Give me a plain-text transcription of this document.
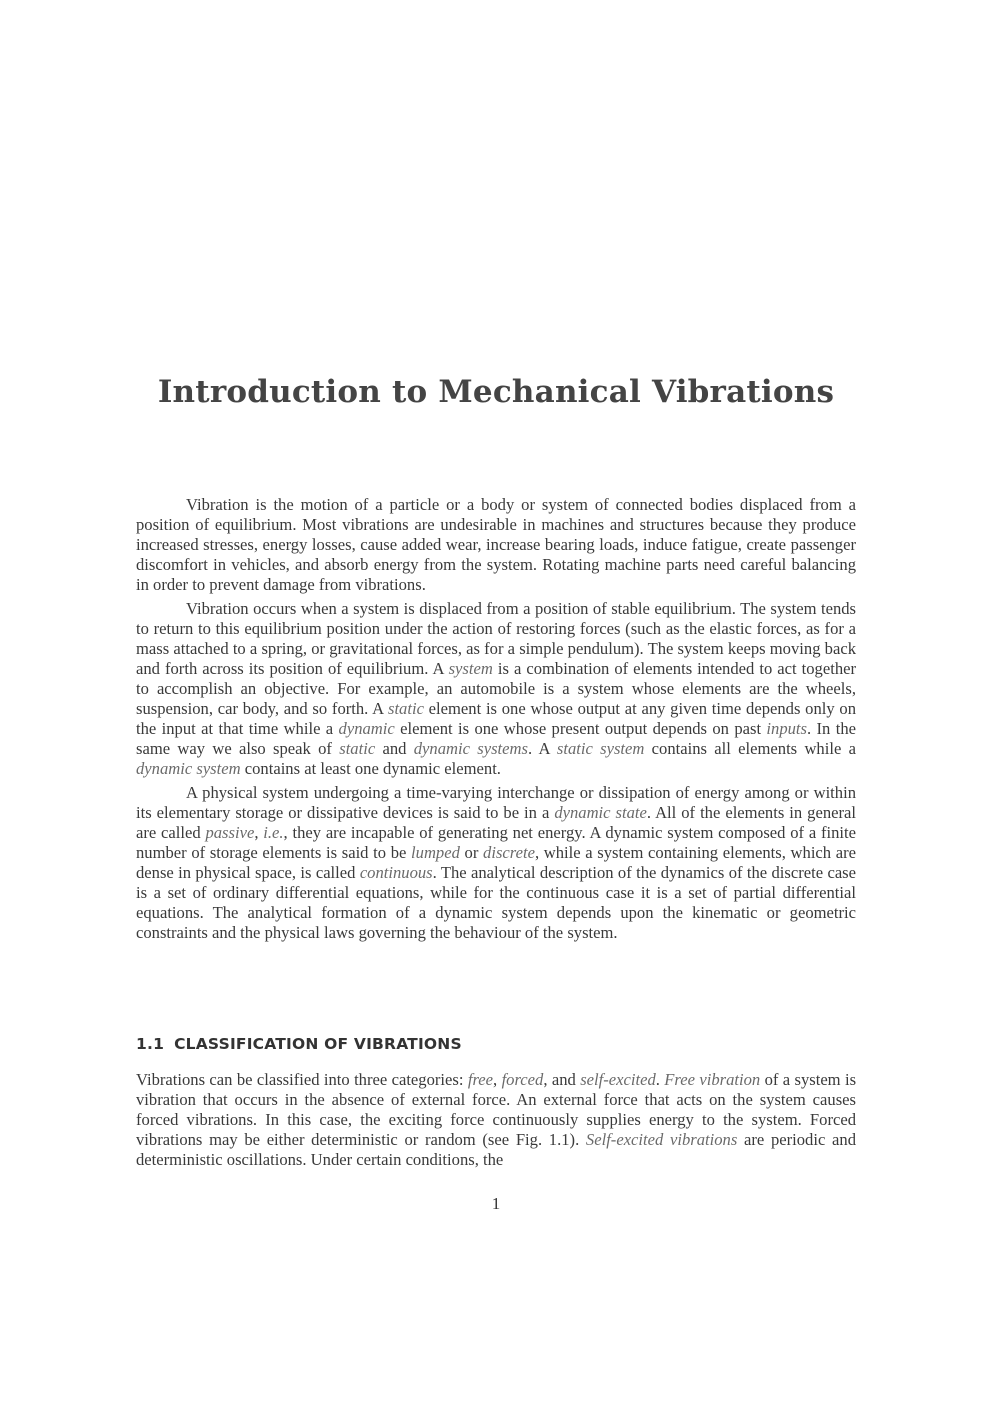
Introduction to Mechanical Vibrations

Vibration is the motion of a particle or a body or system of connected bodies displaced from a position of equilibrium. Most vibrations are undesirable in machines and structures because they produce increased stresses, energy losses, cause added wear, increase bearing loads, induce fatigue, create passenger discomfort in vehicles, and absorb energy from the system. Rotating machine parts need careful balancing in order to prevent damage from vibrations.

Vibration occurs when a system is displaced from a position of stable equilibrium. The system tends to return to this equilibrium position under the action of restoring forces (such as the elastic forces, as for a mass attached to a spring, or gravitational forces, as for a simple pendulum). The system keeps moving back and forth across its position of equilibrium. A system is a combination of elements intended to act together to accomplish an objective. For example, an automobile is a system whose elements are the wheels, suspension, car body, and so forth. A static element is one whose output at any given time depends only on the input at that time while a dynamic element is one whose present output depends on past inputs. In the same way we also speak of static and dynamic systems. A static system contains all elements while a dynamic system contains at least one dynamic element.

A physical system undergoing a time-varying interchange or dissipation of energy among or within its elementary storage or dissipative devices is said to be in a dynamic state. All of the elements in general are called passive, i.e., they are incapable of generating net energy. A dynamic system composed of a finite number of storage elements is said to be lumped or discrete, while a system containing elements, which are dense in physical space, is called continuous. The analytical description of the dynamics of the discrete case is a set of ordinary differential equations, while for the continuous case it is a set of partial differential equations. The analytical formation of a dynamic system depends upon the kinematic or geometric constraints and the physical laws governing the behaviour of the system.

1.1 CLASSIFICATION OF VIBRATIONS

Vibrations can be classified into three categories: free, forced, and self-excited. Free vibration of a system is vibration that occurs in the absence of external force. An external force that acts on the system causes forced vibrations. In this case, the exciting force continuously supplies energy to the system. Forced vibrations may be either deterministic or random (see Fig. 1.1). Self-excited vibrations are periodic and deterministic oscillations. Under certain conditions, the

1
